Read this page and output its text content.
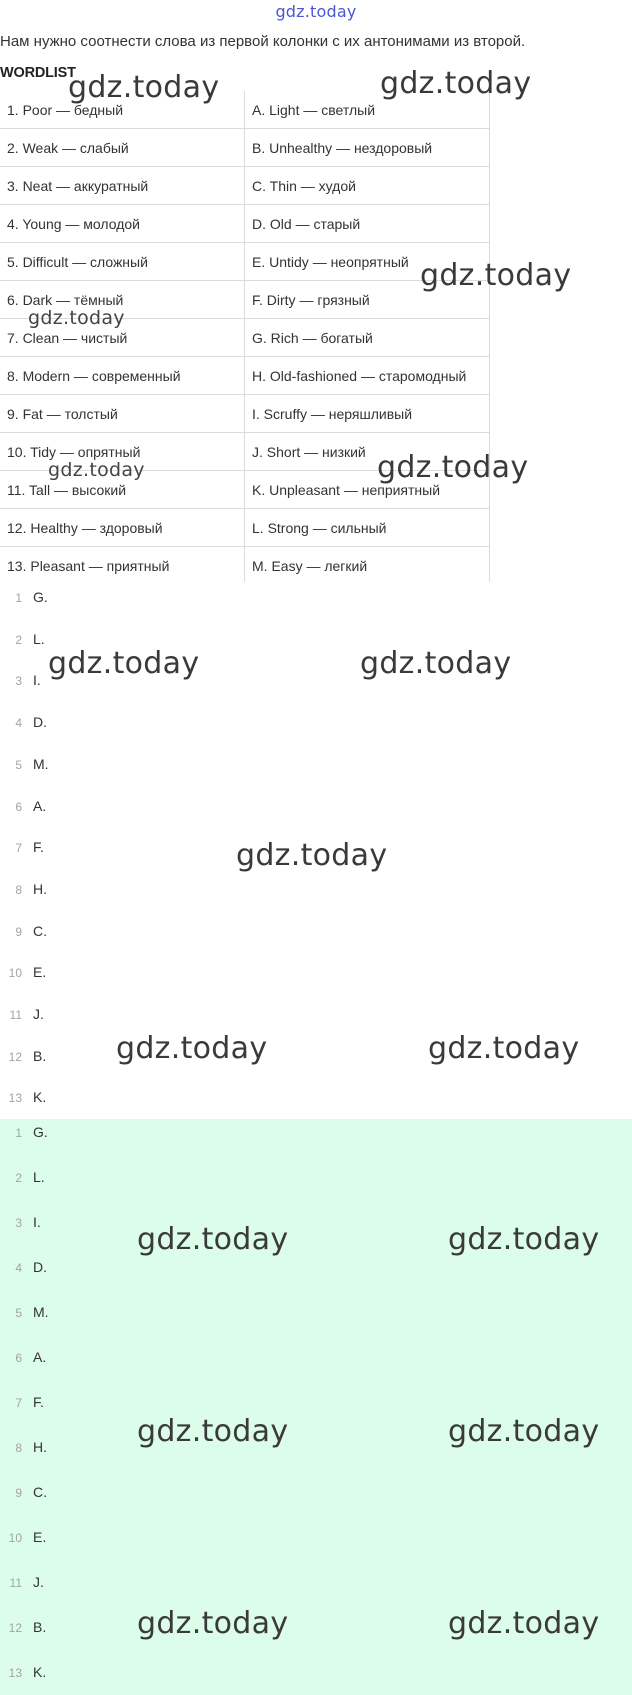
gdz.today
Нам нужно соотнести слова из первой колонки с их антонимами из второй.
WORDLIST
1. Poor — бедный	A. Light — светлый
2. Weak — слабый	B. Unhealthy — нездоровый
3. Neat — аккуратный	C. Thin — худой
4. Young — молодой	D. Old — старый
5. Difficult — сложный	E. Untidy — неопрятный
6. Dark — тёмный	F. Dirty — грязный
7. Clean — чистый	G. Rich — богатый
8. Modern — современный	H. Old-fashioned — старомодный
9. Fat — толстый	I. Scruffy — неряшливый
10. Tidy — опрятный	J. Short — низкий
11. Tall — высокий	K. Unpleasant — неприятный
12. Healthy — здоровый	L. Strong — сильный
13. Pleasant — приятный	M. Easy — легкий
1 G.
2 L.
3 I.
4 D.
5 M.
6 A.
7 F.
8 H.
9 C.
10 E.
11 J.
12 B.
13 K.
1 G.
2 L.
3 I.
4 D.
5 M.
6 A.
7 F.
8 H.
9 C.
10 E.
11 J.
12 B.
13 K.
gdz.today	gdz.today
gdz.today
gdz.today
gdz.today	gdz.today
gdz.today	gdz.today
gdz.today
gdz.today	gdz.today
gdz.today	gdz.today
gdz.today	gdz.today
gdz.today	gdz.today
